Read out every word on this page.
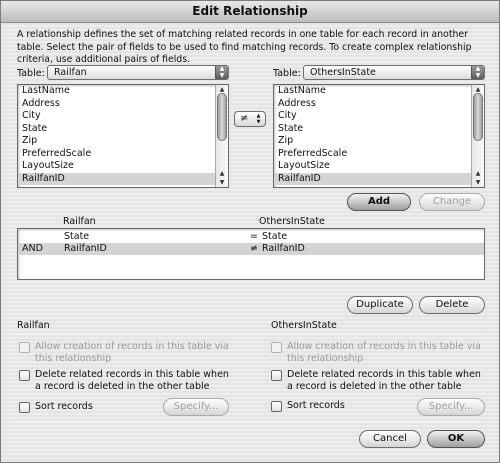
Edit Relationship
A relationship defines the set of matching related records in one table for each record in another table. Select the pair of fields to be used to find matching records. To create complex relationship criteria, use additional pairs of fields.
Table: Railfan	▲
▼	Table: OthersInState	▲
▼
LastName
Address
City
State
Zip
PreferredScale
LayoutSize
RailfanID
▲
▲
▼
≠	▲
▼
LastName
Address
City
State
Zip
PreferredScale
LayoutSize
RailfanID
▲
▲
▼
Add	Change
Railfan	OthersInState
State	= State
AND RailfanID	≠ RailfanID
Duplicate	Delete
Railfan	OthersInState
Allow creation of records in this table via this relationship
Delete related records in this table when a record is deleted in the other table
Sort records	Specify...
Allow creation of records in this table via this relationship
Delete related records in this table when a record is deleted in the other table
Sort records	Specify...
Cancel	OK
